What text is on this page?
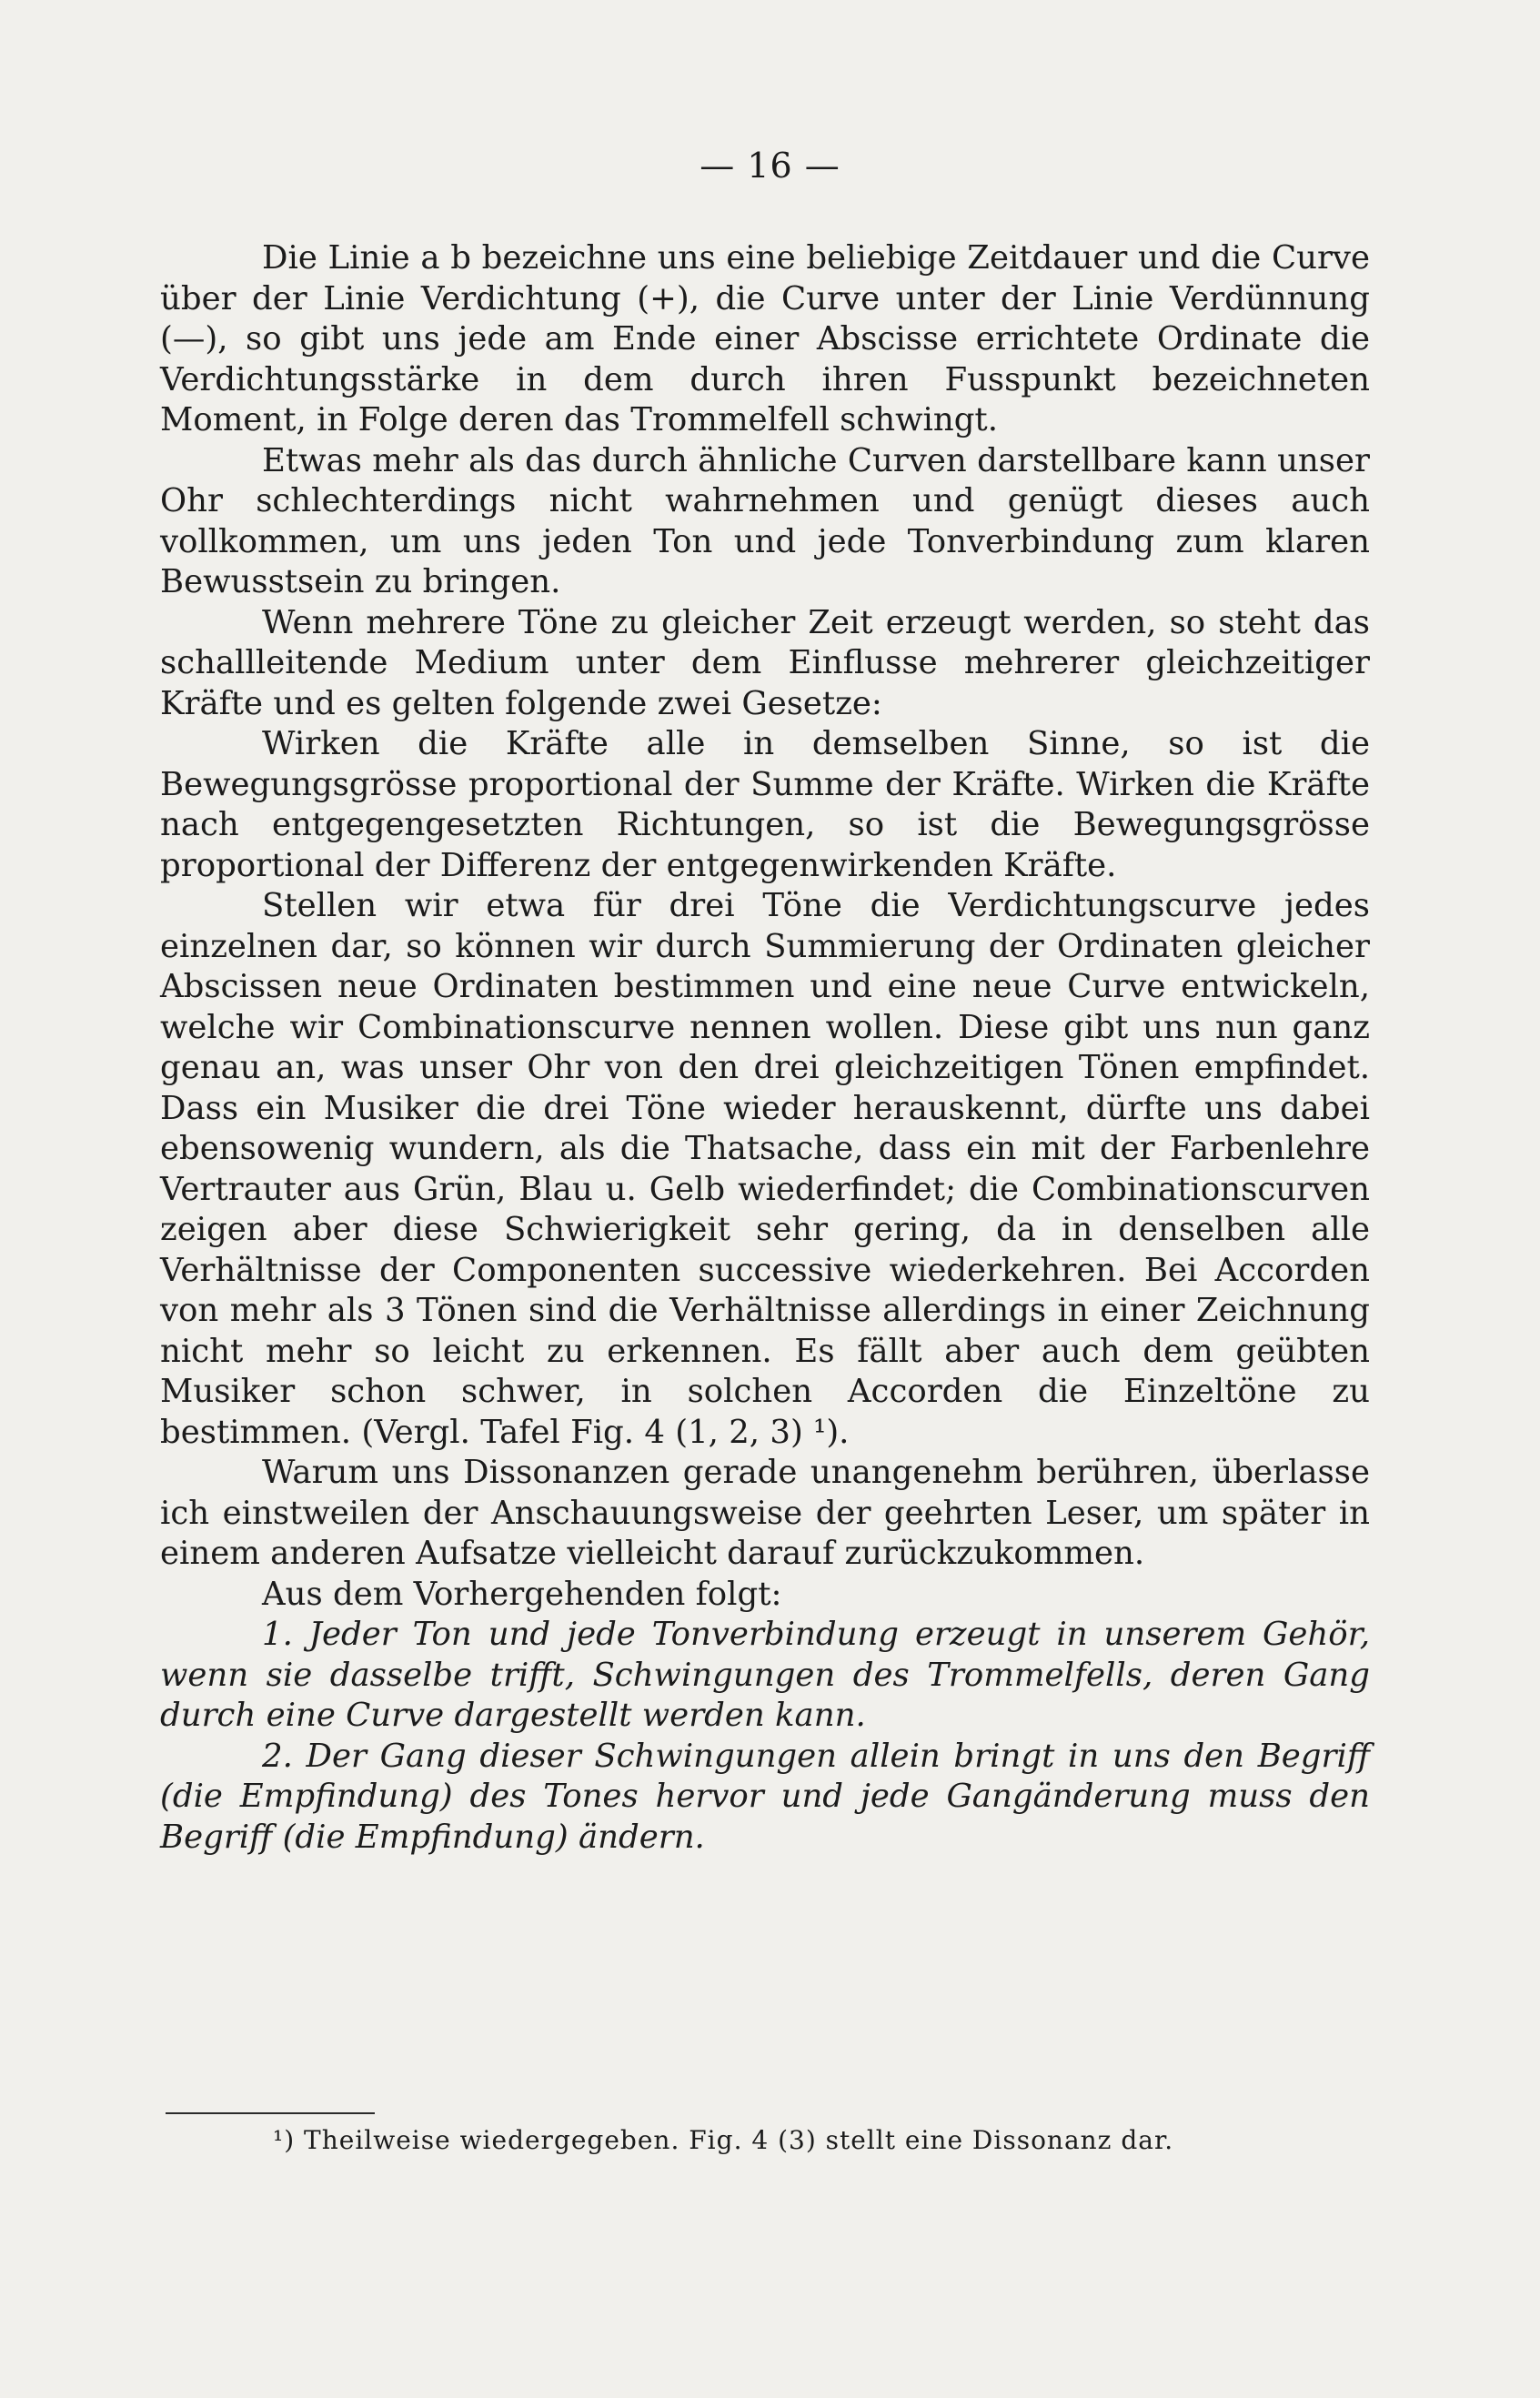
— 16 —

Die Linie a b bezeichne uns eine beliebige Zeitdauer und die Curve über der Linie Verdichtung (+), die Curve unter der Linie Verdünnung (—), so gibt uns jede am Ende einer Abscisse errichtete Ordinate die Verdichtungsstärke in dem durch ihren Fusspunkt bezeichneten Moment, in Folge deren das Trommelfell schwingt.

Etwas mehr als das durch ähnliche Curven darstellbare kann unser Ohr schlechterdings nicht wahrnehmen und genügt dieses auch vollkommen, um uns jeden Ton und jede Tonverbindung zum klaren Bewusstsein zu bringen.

Wenn mehrere Töne zu gleicher Zeit erzeugt werden, so steht das schallleitende Medium unter dem Einflusse mehrerer gleichzeitiger Kräfte und es gelten folgende zwei Gesetze:

Wirken die Kräfte alle in demselben Sinne, so ist die Bewegungsgrösse proportional der Summe der Kräfte. Wirken die Kräfte nach entgegengesetzten Richtungen, so ist die Bewegungsgrösse proportional der Differenz der entgegenwirkenden Kräfte.

Stellen wir etwa für drei Töne die Verdichtungscurve jedes einzelnen dar, so können wir durch Summierung der Ordinaten gleicher Abscissen neue Ordinaten bestimmen und eine neue Curve entwickeln, welche wir Combinationscurve nennen wollen. Diese gibt uns nun ganz genau an, was unser Ohr von den drei gleichzeitigen Tönen empfindet. Dass ein Musiker die drei Töne wieder herauskennt, dürfte uns dabei ebensowenig wundern, als die Thatsache, dass ein mit der Farbenlehre Vertrauter aus Grün, Blau u. Gelb wiederfindet; die Combinationscurven zeigen aber diese Schwierigkeit sehr gering, da in denselben alle Verhältnisse der Componenten successive wiederkehren. Bei Accorden von mehr als 3 Tönen sind die Verhältnisse allerdings in einer Zeichnung nicht mehr so leicht zu erkennen. Es fällt aber auch dem geübten Musiker schon schwer, in solchen Accorden die Einzeltöne zu bestimmen. (Vergl. Tafel Fig. 4 (1, 2, 3) ¹).

Warum uns Dissonanzen gerade unangenehm berühren, überlasse ich einstweilen der Anschauungsweise der geehrten Leser, um später in einem anderen Aufsatze vielleicht darauf zurückzukommen.

Aus dem Vorhergehenden folgt:

1. Jeder Ton und jede Tonverbindung erzeugt in unserem Gehör, wenn sie dasselbe trifft, Schwingungen des Trommelfells, deren Gang durch eine Curve dargestellt werden kann.

2. Der Gang dieser Schwingungen allein bringt in uns den Begriff (die Empfindung) des Tones hervor und jede Gangänderung muss den Begriff (die Empfindung) ändern.

¹) Theilweise wiedergegeben. Fig. 4 (3) stellt eine Dissonanz dar.
